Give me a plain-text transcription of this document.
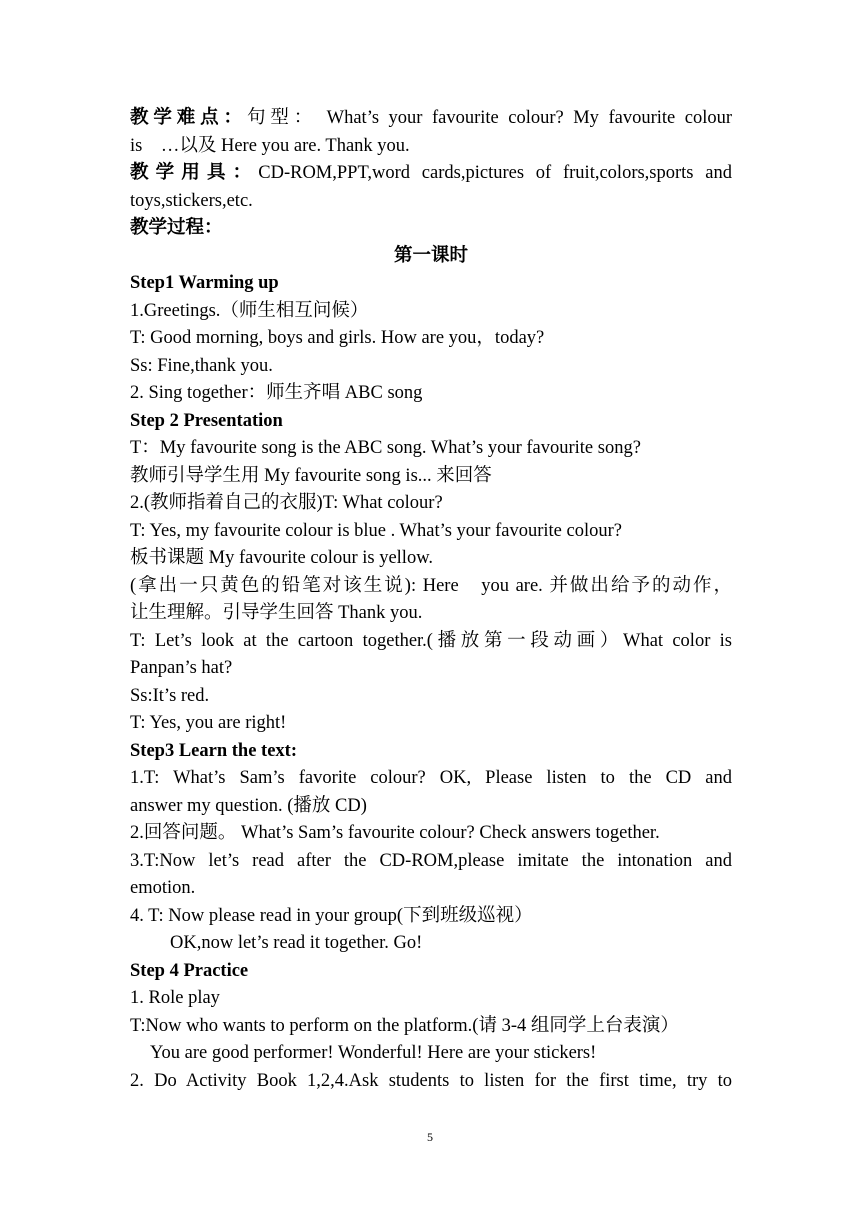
教学难点：句型： What’s your favourite colour? My favourite colour
is　…以及 Here you are. Thank you.
教学用具：CD-ROM,PPT,word cards,pictures of fruit,colors,sports and
toys,stickers,etc.
教学过程：
第一课时
Step1 Warming up
1.Greetings.（师生相互问候）
T: Good morning, boys and girls. How are you，today?
Ss: Fine,thank you.
2. Sing together：师生齐唱 ABC song
Step 2 Presentation
T：My favourite song is the ABC song. What’s your favourite song?
教师引导学生用 My favourite song is... 来回答
2.(教师指着自己的衣服)T: What colour?
T: Yes, my favourite colour is blue . What’s your favourite colour?
板书课题 My favourite colour is yellow.
(拿出一只黄色的铅笔对该生说): Here　you are. 并做出给予的动作，
让生理解。引导学生回答 Thank you.
T: Let’s look at the cartoon together.(播放第一段动画）What color is
Panpan’s hat?
Ss:It’s red.
T: Yes, you are right!
Step3 Learn the text:
1.T: What’s Sam’s favorite colour? OK, Please listen to the CD and
answer my question. (播放 CD)
2.回答问题。 What’s Sam’s favourite colour? Check answers together.
3.T:Now let’s read after the CD-ROM,please imitate the intonation and
emotion.
4. T: Now please read in your group(下到班级巡视）
OK,now let’s read it together. Go!
Step 4 Practice
1. Role play
T:Now who wants to perform on the platform.(请 3-4 组同学上台表演）
You are good performer! Wonderful! Here are your stickers!
2. Do Activity Book 1,2,4.Ask students to listen for the first time, try to
5
